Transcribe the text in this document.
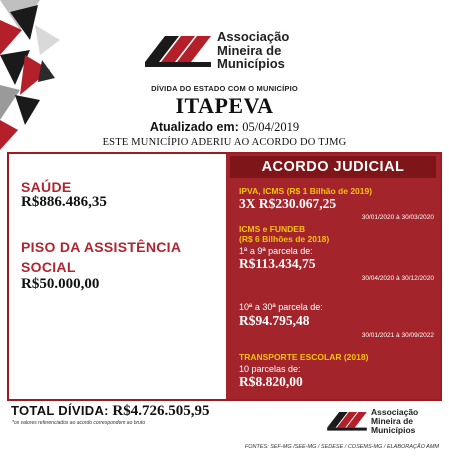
Associação
Mineira de
Municípios
DÍVIDA DO ESTADO COM O MUNICÍPIO
ITAPEVA
Atualizado em: 05/04/2019
ESTE MUNICÍPIO ADERIU AO ACORDO DO TJMG
SAÚDE
R$886.486,35
PISO DA ASSISTÊNCIA
SOCIAL
R$50.000,00
ACORDO JUDICIAL
IPVA, ICMS (R$ 1 Bilhão de 2019)
3X R$230.067,25
30/01/2020 à 30/03/2020
ICMS e FUNDEB
(R$ 6 Bilhões de 2018)
1ª a 9ª parcela de:
R$113.434,75
30/04/2020 à 30/12/2020
10ª a 30ª parcela de:
R$94.795,48
30/01/2021 à 30/09/2022
TRANSPORTE ESCOLAR (2018)
10 parcelas de:
R$8.820,00
TOTAL DÍVIDA: R$4.726.505,95
*os valores referenciados ao acordo correspondem ao bruto
Associação
Mineira de
Municípios
FONTES: SEF-MG /SEE-MG / SEDESE / COSEMS-MG / ELABORAÇÃO AMM
